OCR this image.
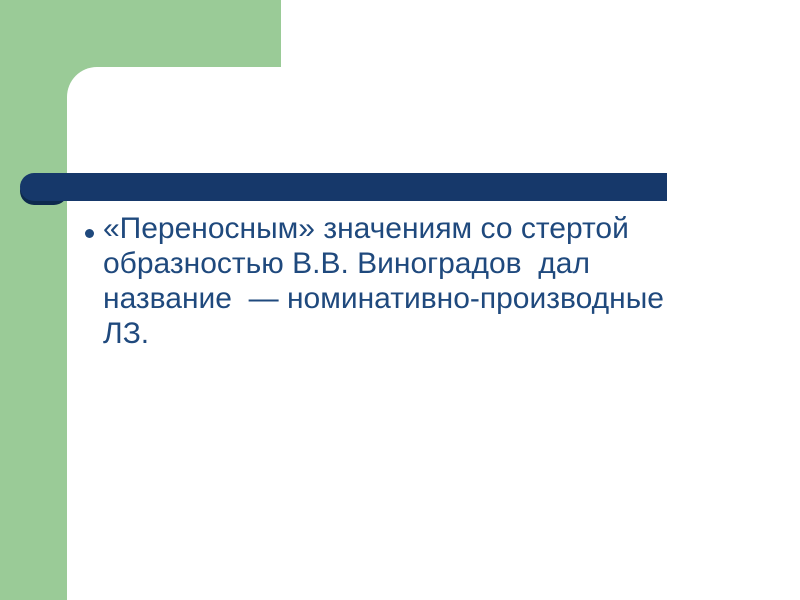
«Переносным» значениям со стертой
образностью В.В. Виноградов  дал
название  — номинативно-производные
ЛЗ.
